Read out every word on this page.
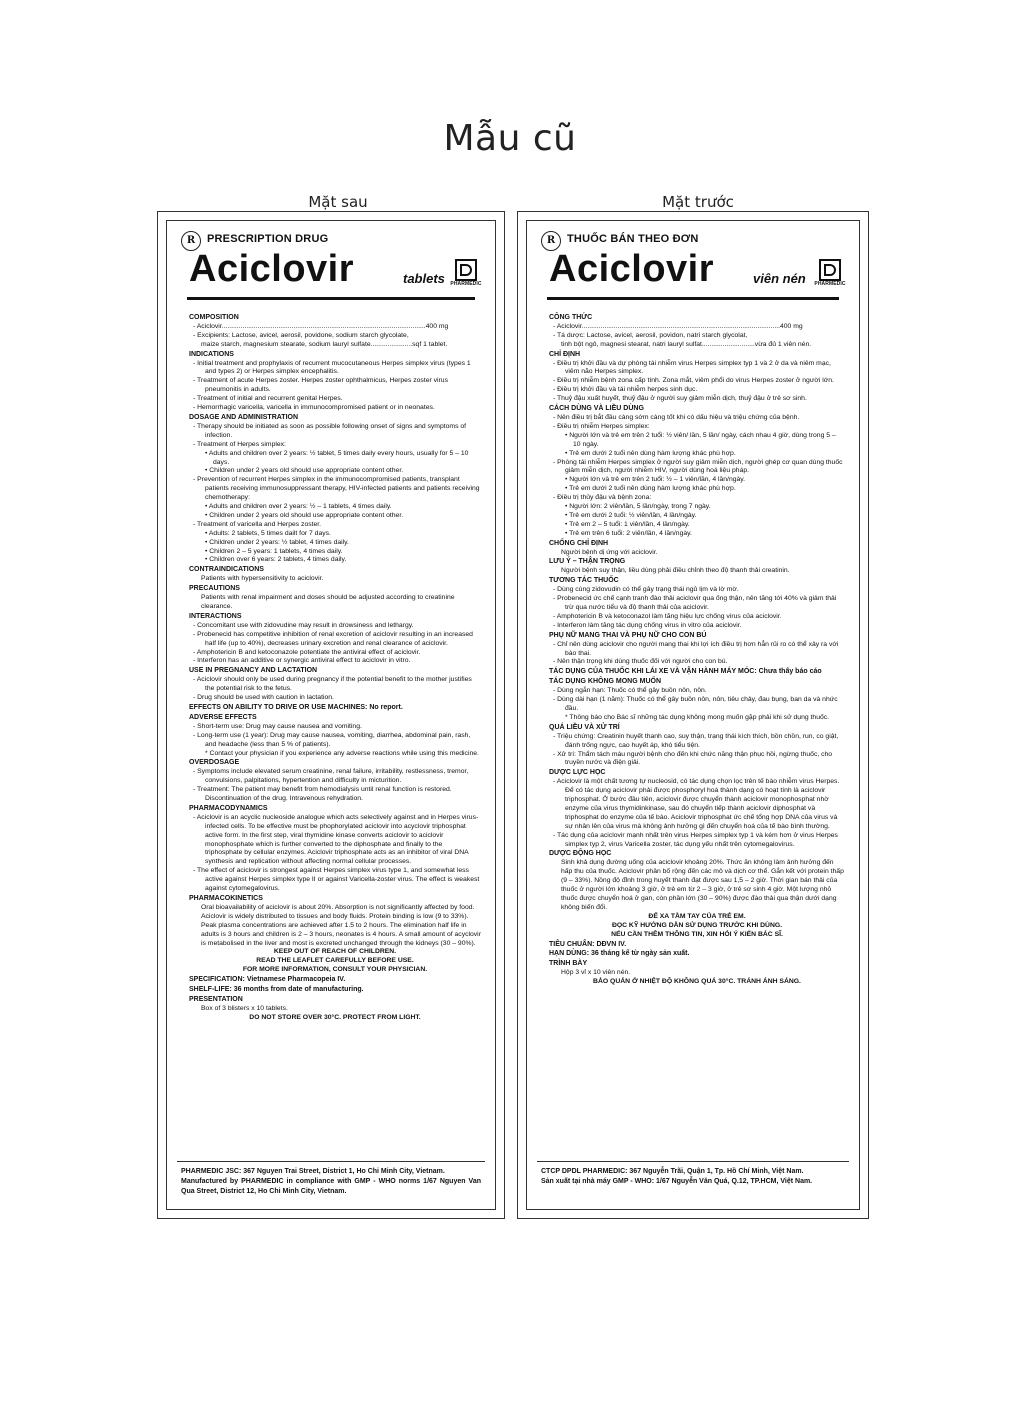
Mẫu cũ
Mặt sau	Mặt trước
R	PRESCRIPTION DRUG
Aciclovir	tablets PHARMEDIC
COMPOSITION
- Aciclovir............................................................................................................400 mg
- Excipients: Lactose, avicel, aerosil, povidone, sodium starch glycolate,
maize starch, magnesium stearate, sodium lauryl sulfate......................sqf 1 tablet.
INDICATIONS
- Initial treatment and prophylaxis of recurrent mucocutaneous Herpes simplex virus (types 1 and types 2) or Herpes simplex encephalitis.
- Treatment of acute Herpes zoster. Herpes zoster ophthalmicus, Herpes zoster virus pneumonitis in adults.
- Treatment of initial and recurrent genital Herpes.
- Hemorrhagic varicella, varicella in immunocompromised patient or in neonates.
DOSAGE AND ADMINISTRATION
- Therapy should be initiated as soon as possible following onset of signs and symptoms of infection.
- Treatment of Herpes simplex:
• Adults and children over 2 years: ½ tablet, 5 times daily every hours, usually for 5 – 10 days.
• Children under 2 years old should use appropriate content other.
- Prevention of recurrent Herpes simplex in the immunocompromised patients, transplant patients receiving immunosuppressant therapy, HIV-infected patients and patients receiving chemotherapy:
• Adults and children over 2 years: ½ – 1 tablets, 4 times daily.
• Children under 2 years old should use appropriate content other.
- Treatment of varicella and Herpes zoster.
• Adults: 2 tablets, 5 times dailt for 7 days.
• Children under 2 years: ½ tablet, 4 times daily.
• Children 2 – 5 years: 1 tablets, 4 times daily.
• Children over 6 years: 2 tablets, 4 times daily.
CONTRAINDICATIONS
Patients with hypersensitivity to aciclovir.
PRECAUTIONS
Patients with renal impairment and doses should be adjusted according to creatinine clearance.
INTERACTIONS
- Concomitant use with zidovudine may result in drowsiness and lethargy.
- Probenecid has competitive inhibition of renal excretion of aciclovir resulting in an increased half life (up to 40%), decreases urinary excretion and renal clearance of aciclovir.
- Amphotericin B and ketoconazole potentiate the antiviral effect of aciclovir.
- Interferon has an additive or synergic antiviral effect to aciclovir in vitro.
USE IN PREGNANCY AND LACTATION
- Aciclovir should only be used during pregnancy if the potential benefit to the mother justifies the potential risk to the fetus.
- Drug should be used with caution in lactation.
EFFECTS ON ABILITY TO DRIVE OR USE MACHINES: No report.
ADVERSE EFFECTS
- Short-term use: Drug may cause nausea and vomiting.
- Long-term use (1 year): Drug may cause nausea, vomiting, diarrhea, abdominal pain, rash, and headache (less than 5 % of patients).
* Contact your physician if you experience any adverse reactions while using this medicine.
OVERDOSAGE
- Symptoms include elevated serum creatinine, renal failure, irritability, restlessness, tremor, convulsions, palpitations, hypertention and difficulty in micturition.
- Treatment: The patient may benefit from hemodialysis until renal function is restored. Discontinuation of the drug. Intravenous rehydration.
PHARMACODYNAMICS
- Aciclovir is an acyclic nucleoside analogue which acts selectively against and in Herpes virus-infected cells. To be effective must be phophorylated aciclovir into acyclovir triphosphat active form. In the first step, viral thymidine kinase converts aciclovir to aciclovir monophosphate which is further converted to the diphosphate and finally to the triphosphate by cellular enzymes. Aciclovir triphosphate acts as an inhibitor of viral DNA synthesis and replication without affecting normal cellular processes.
- The effect of aciclovir is strongest against Herpes simplex virus type 1, and somewhat less active against Herpes simplex type II or against Varicella-zoster virus. The effect is weakest against cytomegalovirus.
PHARMACOKINETICS
Oral bioavailability of aciclovir is about 20%. Absorption is not significantly affected by food. Aciclovir is widely distributed to tissues and body fluids. Protein binding is low (9 to 33%). Peak plasma concentrations are achieved after 1.5 to 2 hours. The elimination half life in adults is 3 hours and children is 2 – 3 hours, neonates is 4 hours. A small amount of acyclovir is metabolised in the liver and most is excreted unchanged through the kidneys (30 – 90%).
KEEP OUT OF REACH OF CHILDREN.
READ THE LEAFLET CAREFULLY BEFORE USE.
FOR MORE INFORMATION, CONSULT YOUR PHYSICIAN.
SPECIFICATION: Vietnamese Pharmacopeia IV.
SHELF-LIFE: 36 months from date of manufacturing.
PRESENTATION
Box of 3 blisters x 10 tablets.
DO NOT STORE OVER 30°C. PROTECT FROM LIGHT.
PHARMEDIC JSC: 367 Nguyen Trai Street, District 1, Ho Chi Minh City, Vietnam.
Manufactured by PHARMEDIC in compliance with GMP - WHO norms 1/67 Nguyen Van Qua Street, District 12, Ho Chi Minh City, Vietnam.
R	THUỐC BÁN THEO ĐƠN
Aciclovir	viên nén PHARMEDIC
CÔNG THỨC
- Aciclovir.........................................................................................................400 mg
- Tá dược: Lactose, avicel, aerosil, povidon, natri starch glycolat,
tinh bột ngô, magnesi stearat, natri lauryl sulfat............................vừa đủ 1 viên nén.
CHỈ ĐỊNH
- Điều trị khởi đầu và dự phòng tái nhiễm virus Herpes simplex typ 1 và 2 ở da và niêm mạc, viêm não Herpes simplex.
- Điều trị nhiễm bệnh zona cấp tính. Zona mắt, viêm phổi do virus Herpes zoster ở người lớn.
- Điều trị khởi đầu và tái nhiễm herpes sinh dục.
- Thuỷ đậu xuất huyết, thuỷ đậu ở người suy giảm miễn dịch, thuỷ đậu ở trẻ sơ sinh.
CÁCH DÙNG VÀ LIỀU DÙNG
- Nên điều trị bắt đầu càng sớm càng tốt khi có dấu hiệu và triệu chứng của bệnh.
- Điều trị nhiễm Herpes simplex:
• Người lớn và trẻ em trên 2 tuổi: ½ viên/ lần, 5 lần/ ngày, cách nhau 4 giờ, dùng trong 5 – 10 ngày.
• Trẻ em dưới 2 tuổi nên dùng hàm lượng khác phù hợp.
- Phòng tái nhiễm Herpes simplex ở người suy giảm miễn dịch, người ghép cơ quan dùng thuốc giảm miễn dịch, người nhiễm HIV, người dùng hoá liệu pháp.
• Người lớn và trẻ em trên 2 tuổi: ½ – 1 viên/lần, 4 lần/ngày.
• Trẻ em dưới 2 tuổi nên dùng hàm lượng khác phù hợp.
- Điều trị thủy đậu và bệnh zona:
• Người lớn: 2 viên/lần, 5 lần/ngày, trong 7 ngày.
• Trẻ em dưới 2 tuổi: ½ viên/lần, 4 lần/ngày.
• Trẻ em 2 – 5 tuổi: 1 viên/lần, 4 lần/ngày.
• Trẻ em trên 6 tuổi: 2 viên/lần, 4 lần/ngày.
CHỐNG CHỈ ĐỊNH
Người bệnh dị ứng với aciclovir.
LƯU Ý – THẬN TRỌNG
Người bệnh suy thận, liều dùng phải điều chỉnh theo độ thanh thải creatinin.
TƯƠNG TÁC THUỐC
- Dùng cùng zidovudin có thể gây trạng thái ngủ lịm và lờ mờ.
- Probenecid ức chế cạnh tranh đào thải aciclovir qua ống thận, nên tăng tới 40% và giảm thải trừ qua nước tiểu và độ thanh thải của aciclovir.
- Amphotericin B và ketoconazol làm tăng hiệu lực chống virus của aciclovir.
- Interferon làm tăng tác dụng chống virus in vitro của aciclovir.
PHỤ NỮ MANG THAI VÀ PHỤ NỮ CHO CON BÚ
- Chỉ nên dùng aciclovir cho người mang thai khi lợi ích điều trị hơn hẳn rủi ro có thể xảy ra với bào thai.
- Nên thận trọng khi dùng thuốc đối với người cho con bú.
TÁC DỤNG CỦA THUỐC KHI LÁI XE VÀ VẬN HÀNH MÁY MÓC: Chưa thấy báo cáo
TÁC DỤNG KHÔNG MONG MUỐN
- Dùng ngắn hạn: Thuốc có thể gây buồn nôn, nôn.
- Dùng dài hạn (1 năm): Thuốc có thể gây buồn nôn, nôn, tiêu chảy, đau bụng, ban da và nhức đầu.
* Thông báo cho Bác sĩ những tác dụng không mong muốn gặp phải khi sử dụng thuốc.
QUÁ LIỀU VÀ XỬ TRÍ
- Triệu chứng: Creatinin huyết thanh cao, suy thận, trạng thái kích thích, bồn chồn, run, co giật, đánh trống ngực, cao huyết áp, khó tiểu tiện.
- Xử trí: Thẩm tách máu người bệnh cho đến khi chức năng thận phục hồi, ngừng thuốc, cho truyền nước và điện giải.
DƯỢC LỰC HỌC
- Aciclovir là một chất tương tự nucleosid, có tác dụng chọn lọc trên tế bào nhiễm virus Herpes. Để có tác dụng aciclovir phải được phosphoryl hoá thành dạng có hoạt tính là aciclovir triphosphat. Ở bước đầu tiên, aciclovir được chuyển thành aciclovir monophosphat nhờ enzyme của virus thymidinkinase, sau đó chuyển tiếp thành aciclovir diphosphat và triphosphat do enzyme của tế bào. Aciclovir triphosphat ức chế tổng hợp DNA của virus và sự nhân lên của virus mà không ảnh hưởng gì đến chuyển hoá của tế bào bình thường.
- Tác dụng của aciclovir mạnh nhất trên virus Herpes simplex typ 1 và kém hơn ở virus Herpes simplex typ 2, virus Varicella zoster, tác dụng yếu nhất trên cytomegalovirus.
DƯỢC ĐỘNG HỌC
Sinh khả dụng đường uống của aciclovir khoảng 20%. Thức ăn không làm ảnh hưởng đến hấp thu của thuốc. Aciclovir phân bố rộng đến các mô và dịch cơ thể. Gắn kết với protein thấp (9 – 33%). Nồng độ đỉnh trong huyết thanh đạt được sau 1,5 – 2 giờ. Thời gian bán thải của thuốc ở người lớn khoảng 3 giờ, ở trẻ em từ 2 – 3 giờ, ở trẻ sơ sinh 4 giờ. Một lượng nhỏ thuốc được chuyển hoá ở gan, còn phần lớn (30 – 90%) được đào thải qua thận dưới dạng không biến đổi.
ĐỂ XA TẦM TAY CỦA TRẺ EM.
ĐỌC KỸ HƯỚNG DẪN SỬ DỤNG TRƯỚC KHI DÙNG.
NẾU CẦN THÊM THÔNG TIN, XIN HỎI Ý KIẾN BÁC SĨ.
TIÊU CHUẨN: DĐVN IV.
HẠN DÙNG: 36 tháng kể từ ngày sản xuất.
TRÌNH BÀY
Hộp 3 vỉ x 10 viên nén.
BẢO QUẢN Ở NHIỆT ĐỘ KHÔNG QUÁ 30°C. TRÁNH ÁNH SÁNG.
CTCP DPDL PHARMEDIC: 367 Nguyễn Trãi, Quận 1, Tp. Hồ Chí Minh, Việt Nam.
Sản xuất tại nhà máy GMP - WHO: 1/67 Nguyễn Văn Quá, Q.12, TP.HCM, Việt Nam.
